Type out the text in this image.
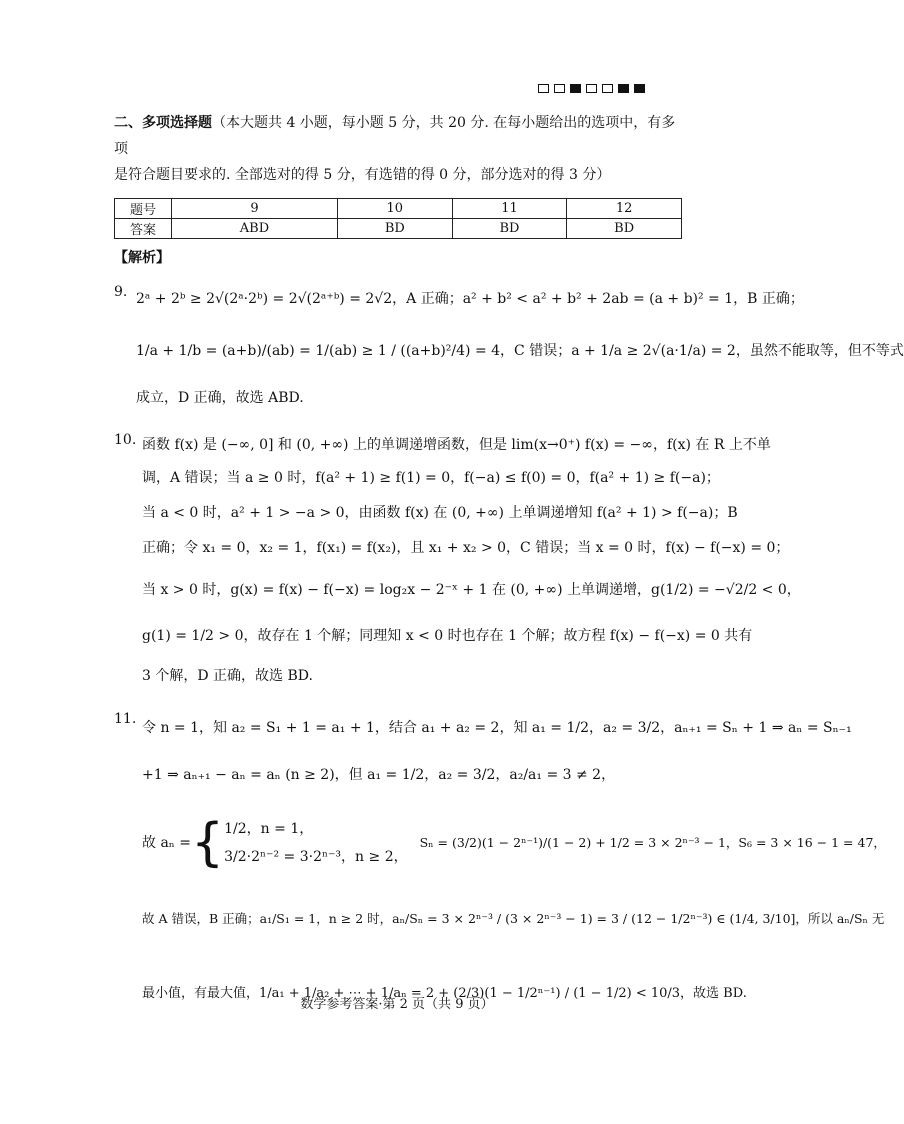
二、多项选择题（本大题共 4 小题，每小题 5 分，共 20 分. 在每小题给出的选项中，有多项
是符合题目要求的. 全部选对的得 5 分，有选错的得 0 分，部分选对的得 3 分）
题号	9	10	11	12
答案	ABD	BD	BD	BD
【解析】
9. 2ᵃ + 2ᵇ ≥ 2√(2ᵃ·2ᵇ) = 2√(2ᵃ⁺ᵇ) = 2√2，A 正确；a² + b² < a² + b² + 2ab = (a + b)² = 1，B 正确；
1/a + 1/b = (a+b)/(ab) = 1/(ab) ≥ 1 / ((a+b)²/4) = 4，C 错误；a + 1/a ≥ 2√(a·1/a) = 2，虽然不能取等，但不等式
成立，D 正确，故选 ABD.
10. 函数 f(x) 是 (−∞, 0] 和 (0, +∞) 上的单调递增函数，但是 lim(x→0⁺) f(x) = −∞，f(x) 在 R 上不单
调，A 错误；当 a ≥ 0 时，f(a² + 1) ≥ f(1) = 0，f(−a) ≤ f(0) = 0，f(a² + 1) ≥ f(−a)；
当 a < 0 时，a² + 1 > −a > 0，由函数 f(x) 在 (0, +∞) 上单调递增知 f(a² + 1) > f(−a)；B
正确；令 x₁ = 0，x₂ = 1，f(x₁) = f(x₂)，且 x₁ + x₂ > 0，C 错误；当 x = 0 时，f(x) − f(−x) = 0；
当 x > 0 时，g(x) = f(x) − f(−x) = log₂x − 2⁻ˣ + 1 在 (0, +∞) 上单调递增，g(1/2) = −√2/2 < 0，
g(1) = 1/2 > 0，故存在 1 个解；同理知 x < 0 时也存在 1 个解；故方程 f(x) − f(−x) = 0 共有
3 个解，D 正确，故选 BD.
11.
令 n = 1，知 a₂ = S₁ + 1 = a₁ + 1，结合 a₁ + a₂ = 2，知 a₁ = 1/2，a₂ = 3/2，aₙ₊₁ = Sₙ + 1 ⇒ aₙ = Sₙ₋₁
+1 ⇒ aₙ₊₁ − aₙ = aₙ (n ≥ 2)，但 a₁ = 1/2，a₂ = 3/2，a₂/a₁ = 3 ≠ 2，
故 aₙ = { 1/2，n = 1，
3/2·2ⁿ⁻² = 3·2ⁿ⁻³，n ≥ 2，
Sₙ = (3/2)(1 − 2ⁿ⁻¹)/(1 − 2) + 1/2 = 3 × 2ⁿ⁻³ − 1，S₆ = 3 × 16 − 1 = 47，
故 A 错误，B 正确；a₁/S₁ = 1，n ≥ 2 时，aₙ/Sₙ = 3 × 2ⁿ⁻³ / (3 × 2ⁿ⁻³ − 1) = 3 / (12 − 1/2ⁿ⁻³) ∈ (1/4, 3/10]，所以 aₙ/Sₙ 无
最小值，有最大值，1/a₁ + 1/a₂ + ⋯ + 1/aₙ = 2 + (2/3)(1 − 1/2ⁿ⁻¹) / (1 − 1/2) < 10/3，故选 BD.
数学参考答案·第 2 页（共 9 页）
